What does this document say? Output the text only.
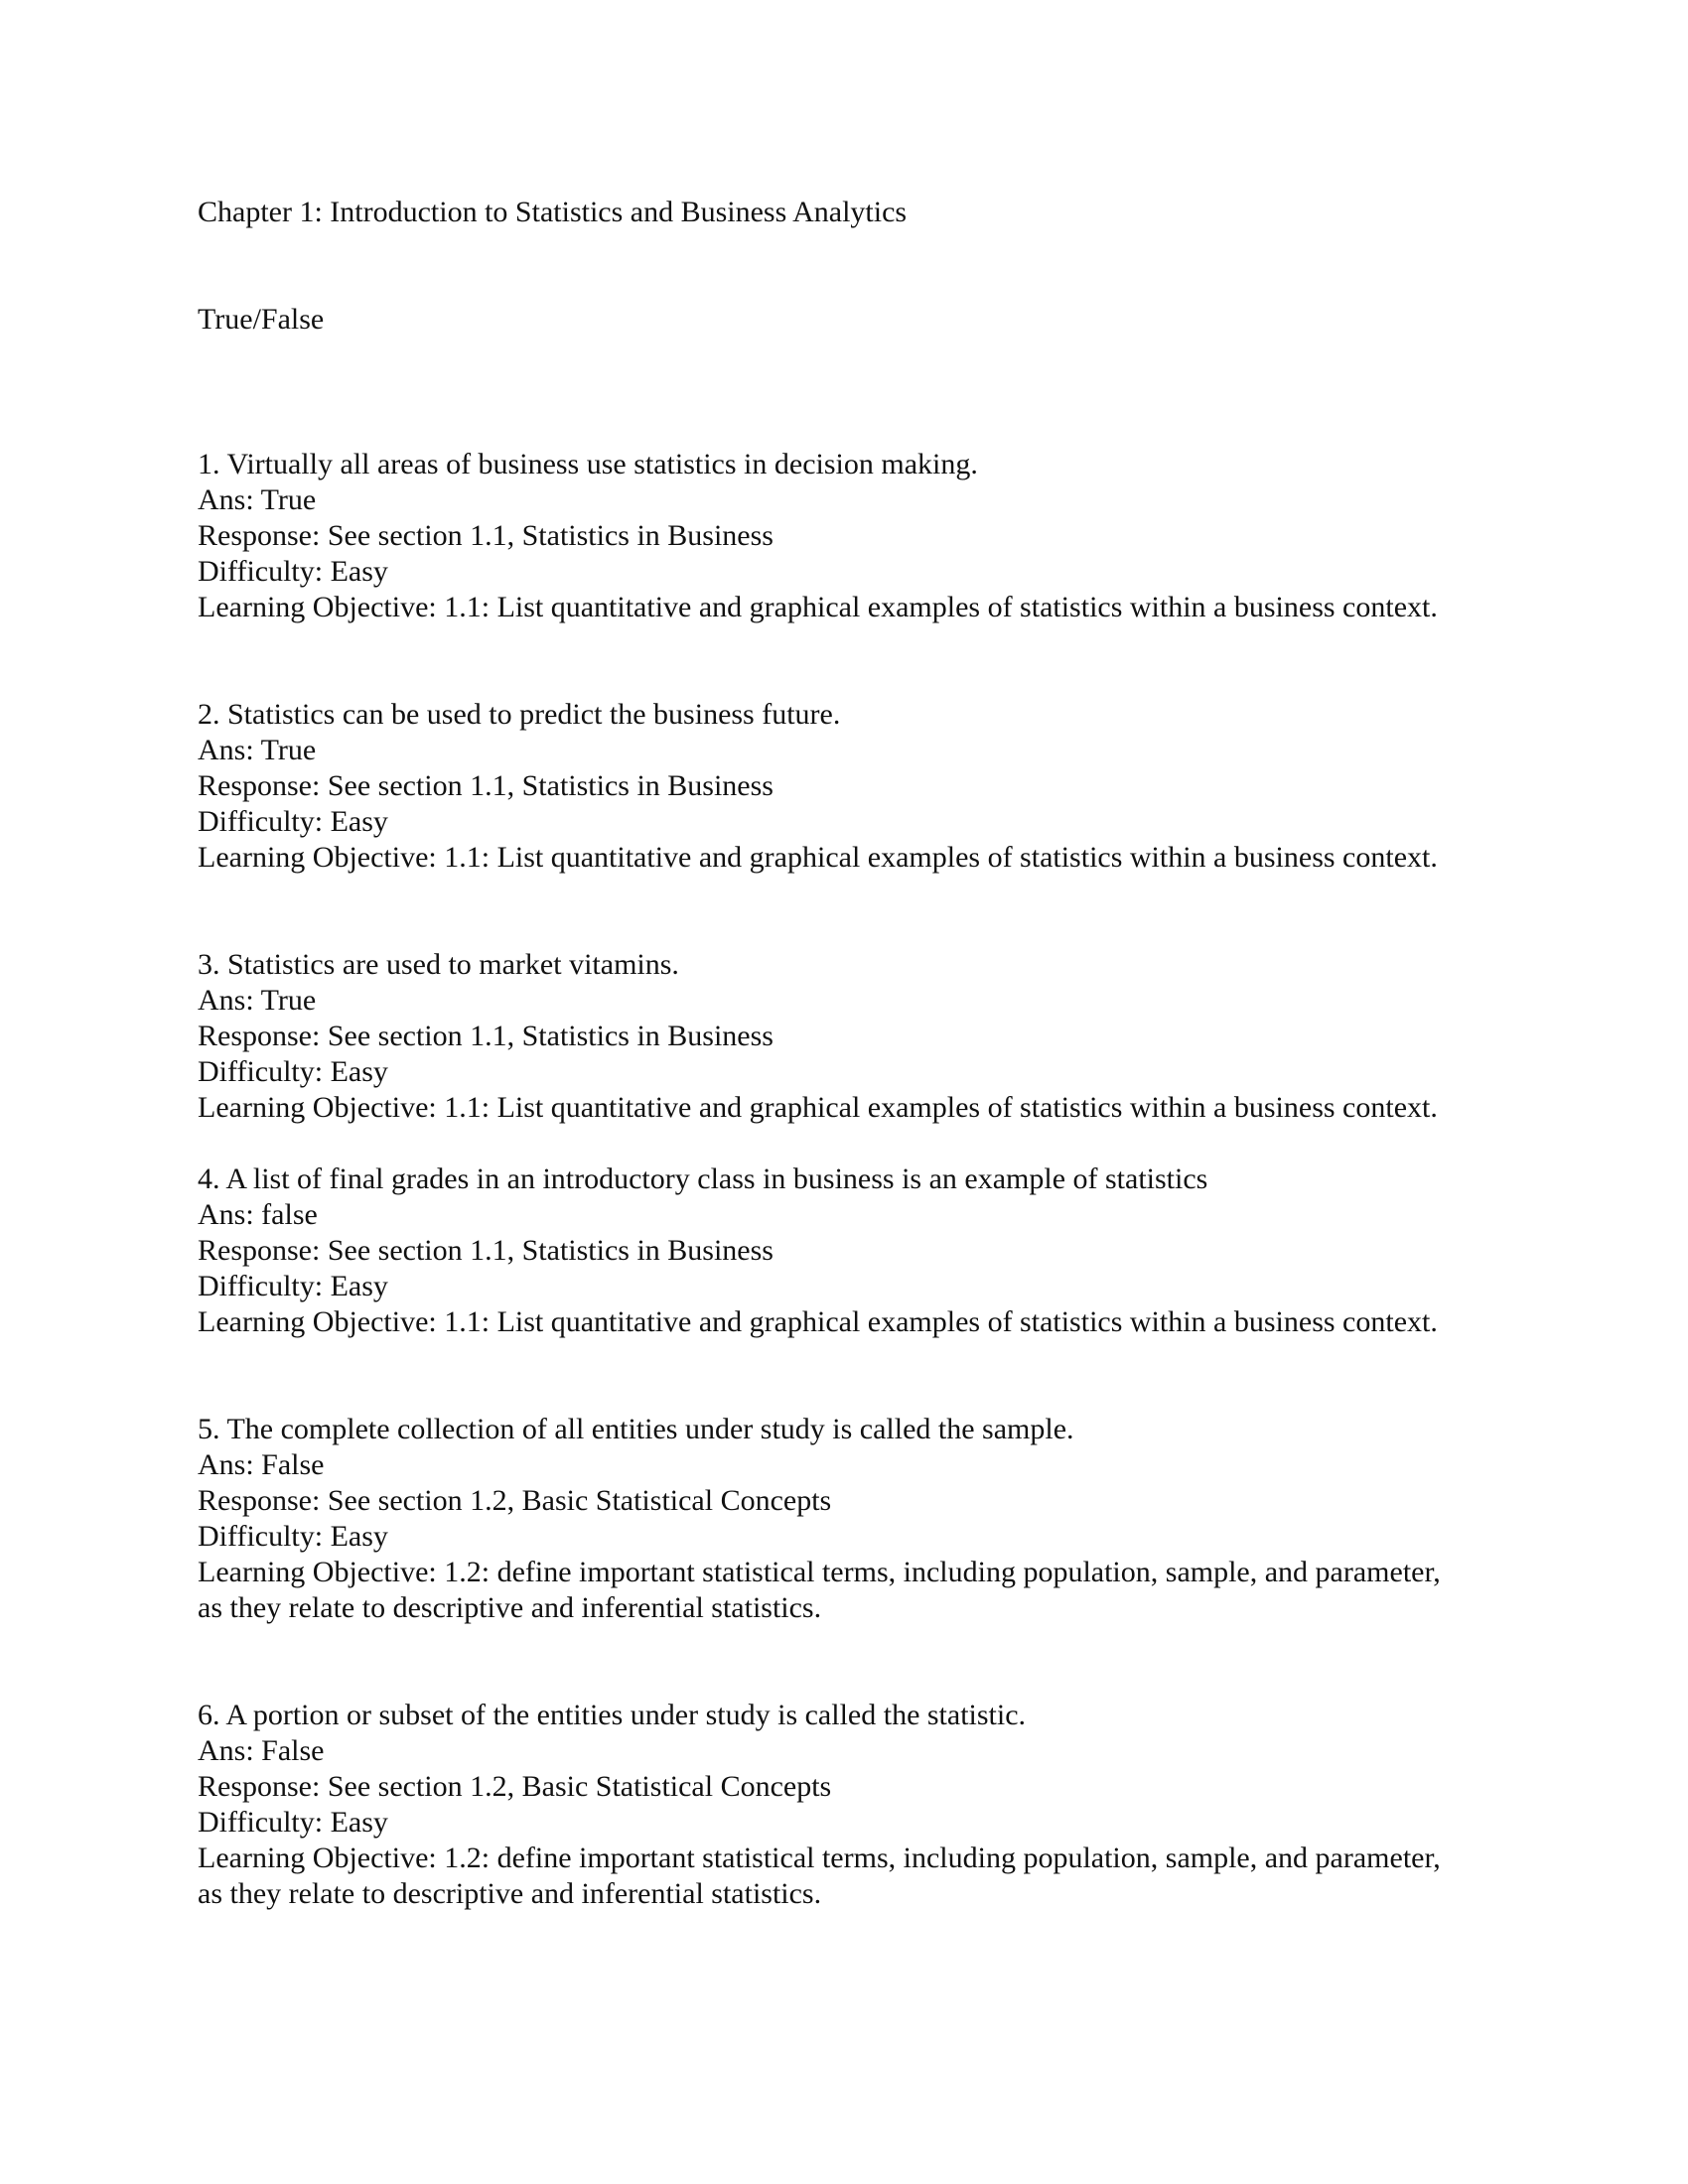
Chapter 1: Introduction to Statistics and Business Analytics

True/False

1. Virtually all areas of business use statistics in decision making.

Ans: True

Response: See section 1.1, Statistics in Business

Difficulty: Easy

Learning Objective: 1.1: List quantitative and graphical examples of statistics within a business context.

2. Statistics can be used to predict the business future.

Ans: True

Response: See section 1.1, Statistics in Business

Difficulty: Easy

Learning Objective: 1.1: List quantitative and graphical examples of statistics within a business context.

3. Statistics are used to market vitamins.

Ans: True

Response: See section 1.1, Statistics in Business

Difficulty: Easy

Learning Objective: 1.1: List quantitative and graphical examples of statistics within a business context.

4. A list of final grades in an introductory class in business is an example of statistics

Ans: false

Response: See section 1.1, Statistics in Business

Difficulty: Easy

Learning Objective: 1.1: List quantitative and graphical examples of statistics within a business context.

5. The complete collection of all entities under study is called the sample.

Ans: False

Response: See section 1.2, Basic Statistical Concepts

Difficulty: Easy

Learning Objective: 1.2: define important statistical terms, including population, sample, and parameter,

as they relate to descriptive and inferential statistics.

6. A portion or subset of the entities under study is called the statistic.

Ans: False

Response: See section 1.2, Basic Statistical Concepts

Difficulty: Easy

Learning Objective: 1.2: define important statistical terms, including population, sample, and parameter,

as they relate to descriptive and inferential statistics.
